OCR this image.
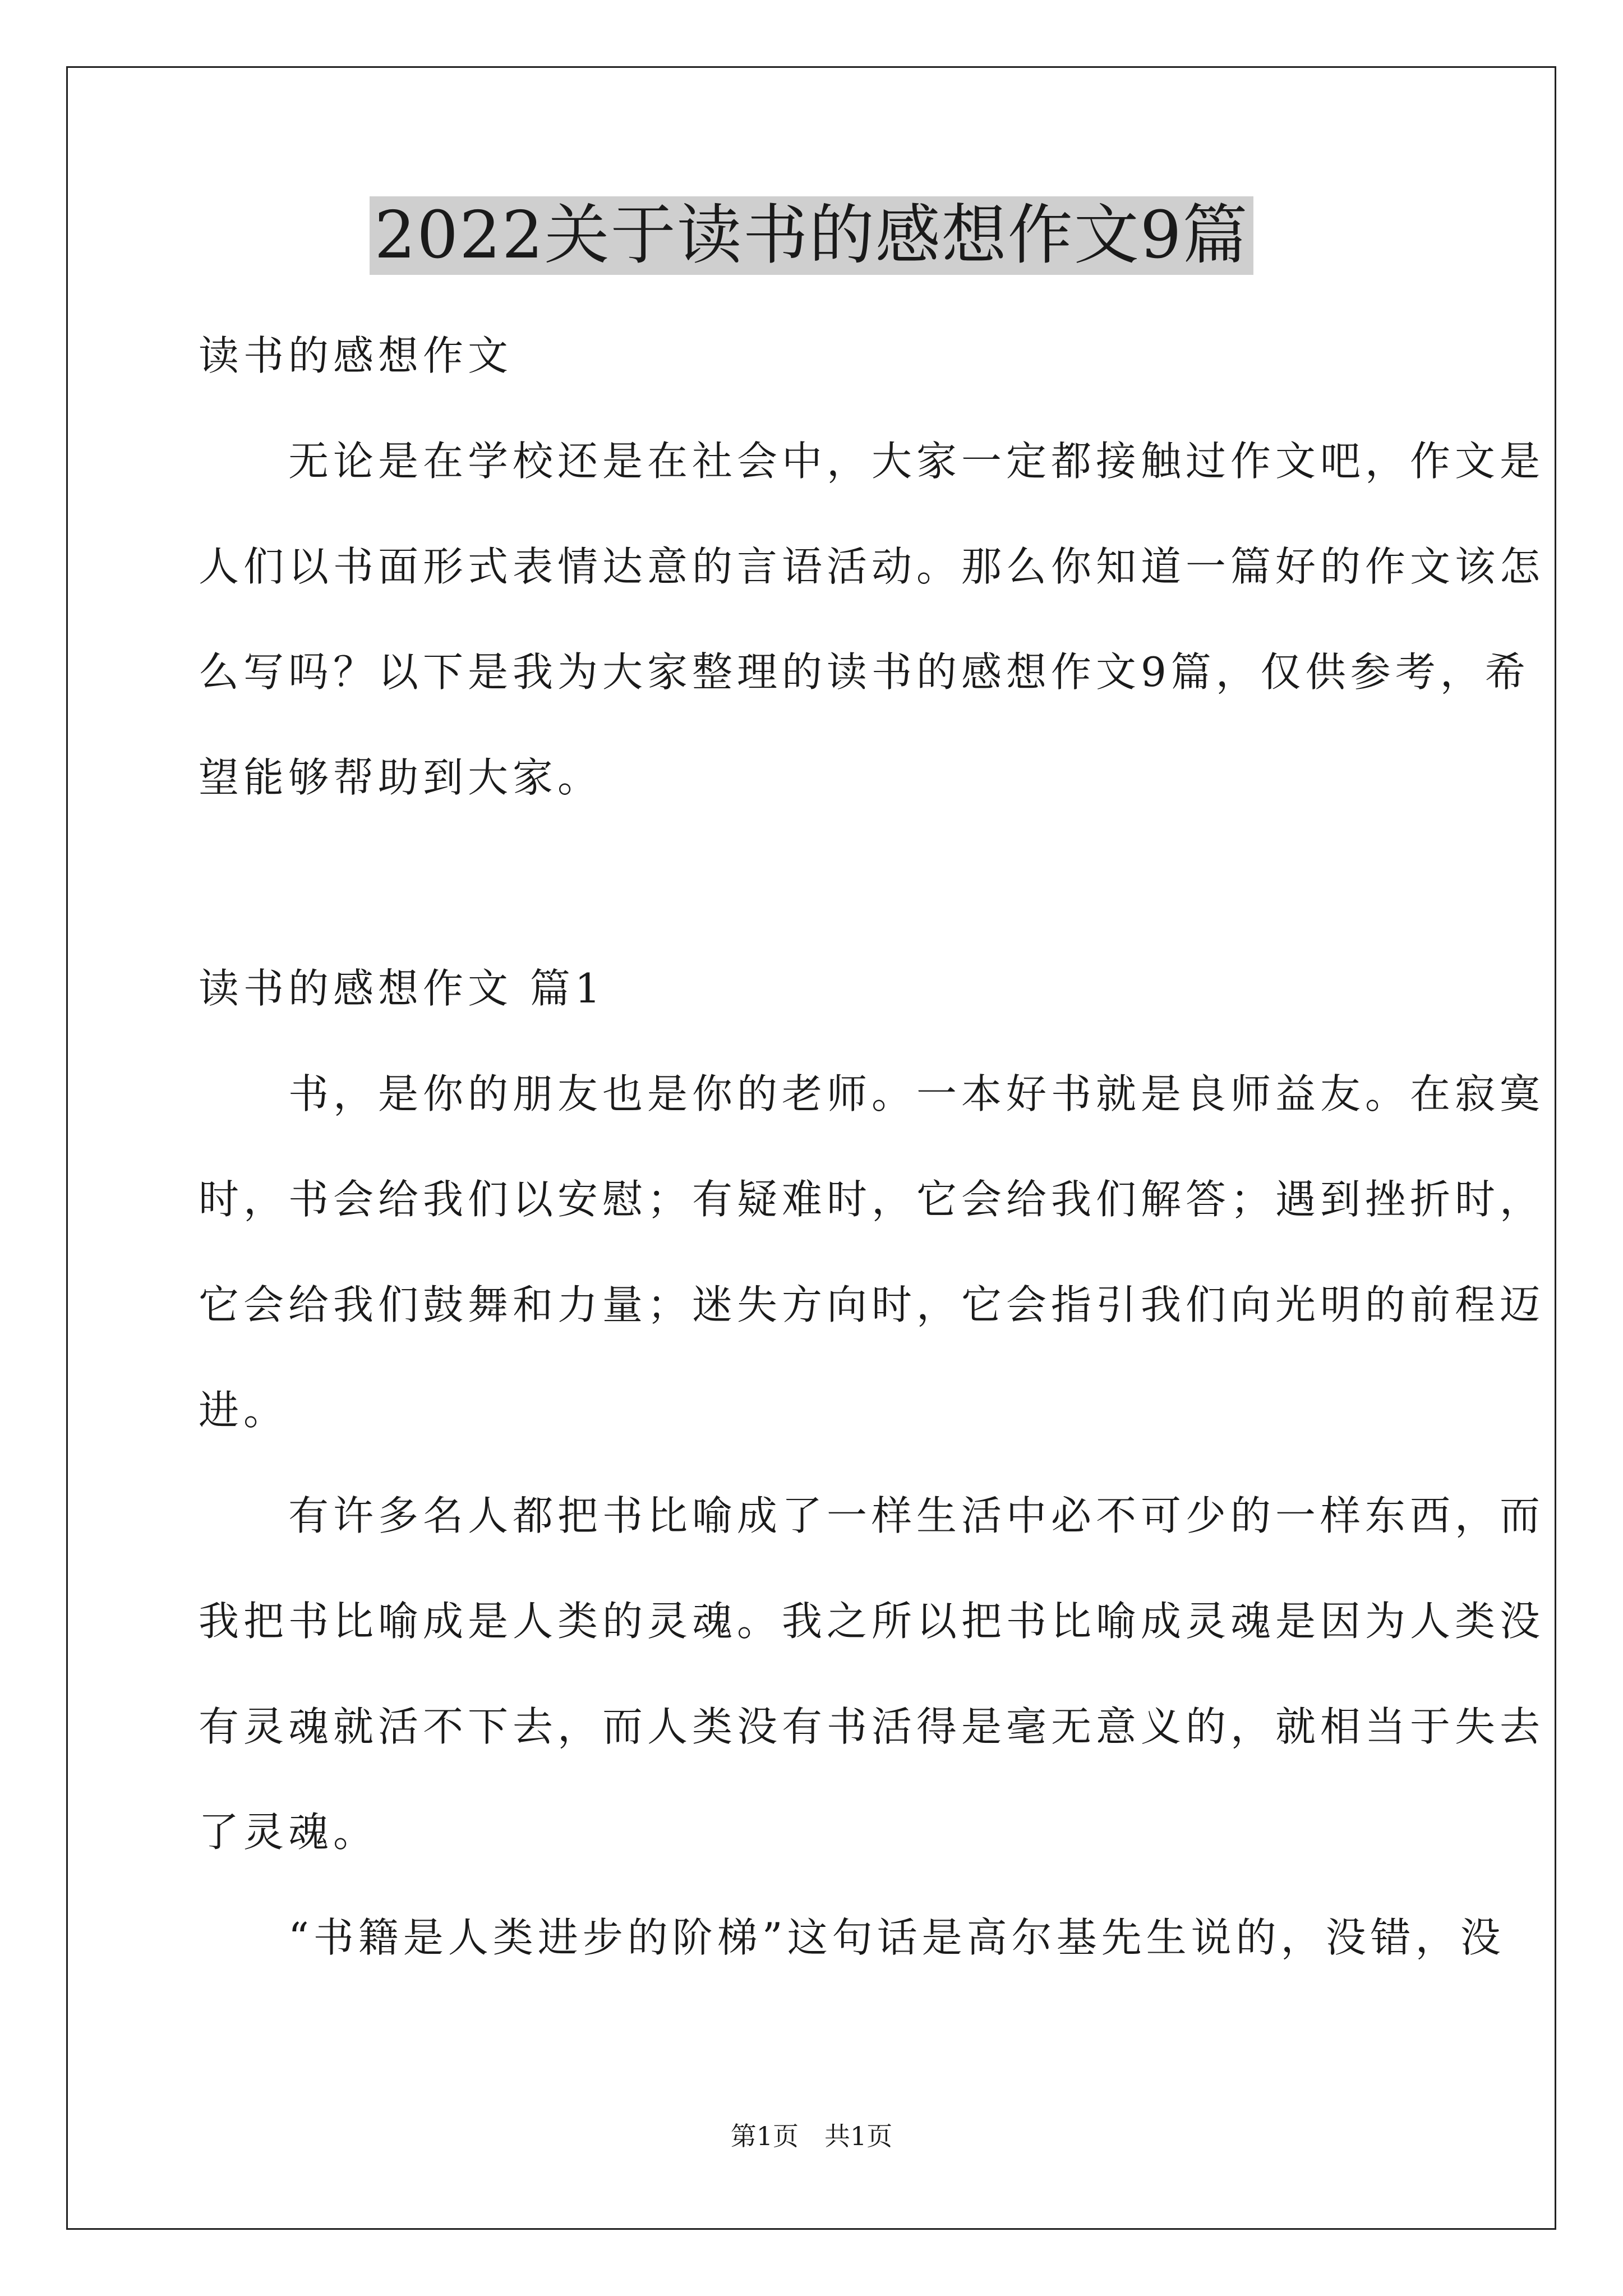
2022关于读书的感想作文9篇
读书的感想作文
　　无论是在学校还是在社会中，大家一定都接触过作文吧，作文是
人们以书面形式表情达意的言语活动。那么你知道一篇好的作文该怎
么写吗？以下是我为大家整理的读书的感想作文9篇，仅供参考，希
望能够帮助到大家。
读书的感想作文 篇1
　　书，是你的朋友也是你的老师。一本好书就是良师益友。在寂寞
时，书会给我们以安慰；有疑难时，它会给我们解答；遇到挫折时，
它会给我们鼓舞和力量；迷失方向时，它会指引我们向光明的前程迈
进。
　　有许多名人都把书比喻成了一样生活中必不可少的一样东西，而
我把书比喻成是人类的灵魂。我之所以把书比喻成灵魂是因为人类没
有灵魂就活不下去，而人类没有书活得是毫无意义的，就相当于失去
了灵魂。
　　“书籍是人类进步的阶梯”这句话是高尔基先生说的，没错，没
第1页　共1页
